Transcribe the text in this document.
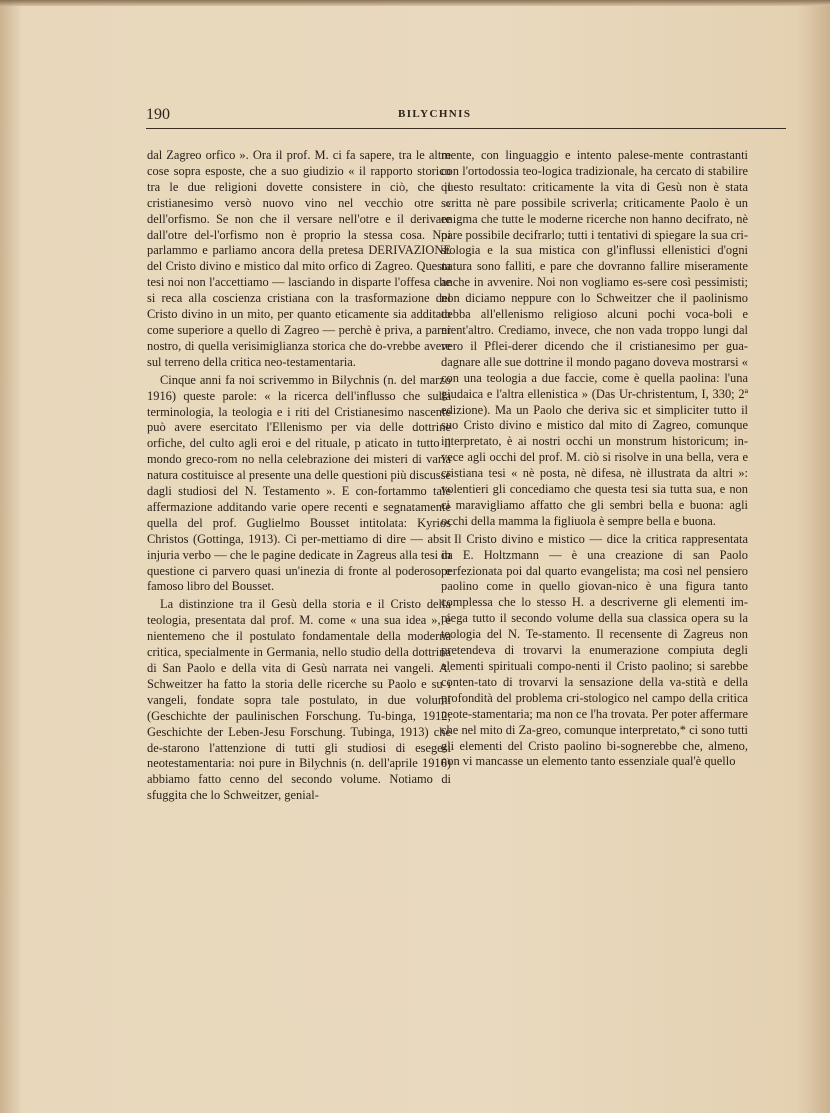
190	BILYCHNIS

dal Zagreo orfico ». Ora il prof. M. ci fa sapere, tra le altre cose sopra esposte, che a suo giudizio « il rapporto storico tra le due religioni dovette consistere in ciò, che il cristianesimo versò nuovo vino nel vecchio otre » dell'orfismo. Se non che il versare nell'otre e il derivare dall'otre del-l'orfismo non è proprio la stessa cosa. Noi parlammo e parliamo ancora della pretesa DERIVAZIONE del Cristo divino e mistico dal mito orfico di Zagreo. Questa tesi noi non l'accettiamo — lasciando in disparte l'offesa che si reca alla coscienza cristiana con la trasformazione del Cristo divino in un mito, per quanto eticamente sia additato come superiore a quello di Zagreo — perchè è priva, a parer nostro, di quella verisimiglianza storica che do-vrebbe avere sul terreno della critica neo-testamentaria.

Cinque anni fa noi scrivemmo in Bilychnis (n. del marzo 1916) queste parole: « la ricerca dell'influsso che sulla terminologia, la teologia e i riti del Cristianesimo nascente può avere esercitato l'Ellenismo per via delle dottrine orfiche, del culto agli eroi e del rituale, p aticato in tutto il mondo greco-rom no nella celebrazione dei misteri di varia natura costituisce al presente una delle questioni più discusse dagli studiosi del N. Testamento ». E con-fortammo tale affermazione additando varie opere recenti e segnatamente quella del prof. Guglielmo Bousset intitolata: Kyrios Christos (Gottinga, 1913). Ci per-mettiamo di dire — absit injuria verbo — che le pagine dedicate in Zagreus alla tesi in questione ci parvero quasi un'inezia di fronte al poderoso e famoso libro del Bousset.

La distinzione tra il Gesù della storia e il Cristo della teologia, presentata dal prof. M. come « una sua idea », è nientemeno che il postulato fondamentale della moderna critica, specialmente in Germania, nello studio della dottrina di San Paolo e della vita di Gesù narrata nei vangeli. A. Schweitzer ha fatto la storia delle ricerche su Paolo e su i vangeli, fondate sopra tale postulato, in due volumi (Geschichte der paulinischen Forschung. Tu-binga, 1912; Geschichte der Leben-Jesu Forschung. Tubinga, 1913) che de-starono l'attenzione di tutti gli studiosi di esegesi neotestamentaria: noi pure in Bilychnis (n. dell'aprile 1916) abbiamo fatto cenno del secondo volume. Notiamo di sfuggita che lo Schweitzer, genial-

mente, con linguaggio e intento palese-mente contrastanti con l'ortodossia teo-logica tradizionale, ha cercato di stabilire questo resultato: criticamente la vita di Gesù non è stata scritta nè pare possibile scriverla; criticamente Paolo è un enigma che tutte le moderne ricerche non hanno decifrato, nè pare possibile decifrarlo; tutti i tentativi di spiegare la sua cri-stologia e la sua mistica con gl'influssi ellenistici d'ogni natura sono falliti, e pare che dovranno fallire miseramente anche in avvenire. Noi non vogliamo es-sere così pessimisti; non diciamo neppure con lo Schweitzer che il paolinismo debba all'ellenismo religioso alcuni pochi voca-boli e nient'altro. Crediamo, invece, che non vada troppo lungi dal vero il Pflei-derer dicendo che il cristianesimo per gua-dagnare alle sue dottrine il mondo pagano doveva mostrarsi « con una teologia a due faccie, come è quella paolina: l'una giudaica e l'altra ellenistica » (Das Ur-christentum, I, 330; 2ª edizione). Ma un Paolo che deriva sic et simpliciter tutto il suo Cristo divino e mistico dal mito di Zagreo, comunque interpretato, è ai nostri occhi un monstrum historicum; in-vece agli occhi del prof. M. ciò si risolve in una bella, vera e cristiana tesi « nè posta, nè difesa, nè illustrata da altri »: volentieri gli concediamo che questa tesi sia tutta sua, e non ci maravigliamo affatto che gli sembri bella e buona: agli occhi della mamma la figliuola è sempre bella e buona.

Il Cristo divino e mistico — dice la critica rappresentata da E. Holtzmann — è una creazione di san Paolo perfezionata poi dal quarto evangelista; ma così nel pensiero paolino come in quello giovan-nico è una figura tanto complessa che lo stesso H. a descriverne gli elementi im-piega tutto il secondo volume della sua classica opera su la teologia del N. Te-stamento. Il recensente di Zagreus non pretendeva di trovarvi la enumerazione compiuta degli elementi spirituali compo-nenti il Cristo paolino; si sarebbe conten-tato di trovarvi la sensazione della va-stità e della profondità del problema cri-stologico nel campo della critica neote-stamentaria; ma non ce l'ha trovata. Per poter affermare che nel mito di Za-greo, comunque interpretato,* ci sono tutti gli elementi del Cristo paolino bi-sognerebbe che, almeno, non vi mancasse un elemento tanto essenziale qual'è quello
